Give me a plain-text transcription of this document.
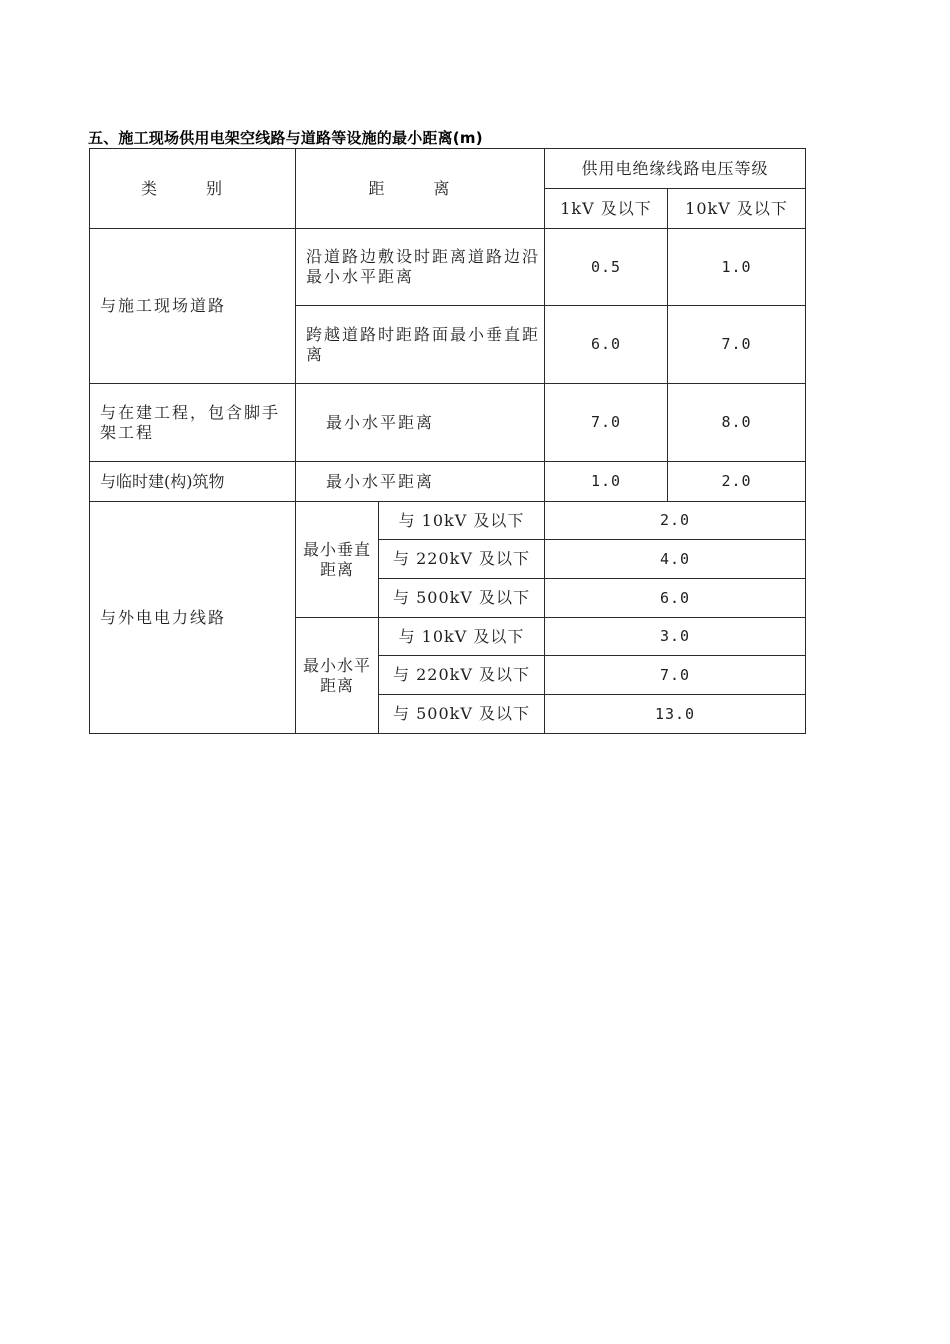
五、施工现场供用电架空线路与道路等设施的最小距离(m)
类 别	距 离		供用电绝缘线路电压等级	
			1kV 及以下	10kV 及以下
与施工现场道路	沿道路边敷设时距离道路边沿最小水平距离		0.5	1.0
	跨越道路时距路面最小垂直距离		6.0	7.0
与在建工程，包含脚手架工程	最小水平距离		7.0	8.0
与临时建(构)筑物	最小水平距离		1.0	2.0
与外电电力线路	最小垂直距离	与 10kV 及以下	2.0	
		与 220kV 及以下	4.0	
		与 500kV 及以下	6.0	
	最小水平距离	与 10kV 及以下	3.0	
		与 220kV 及以下	7.0	
		与 500kV 及以下	13.0	
